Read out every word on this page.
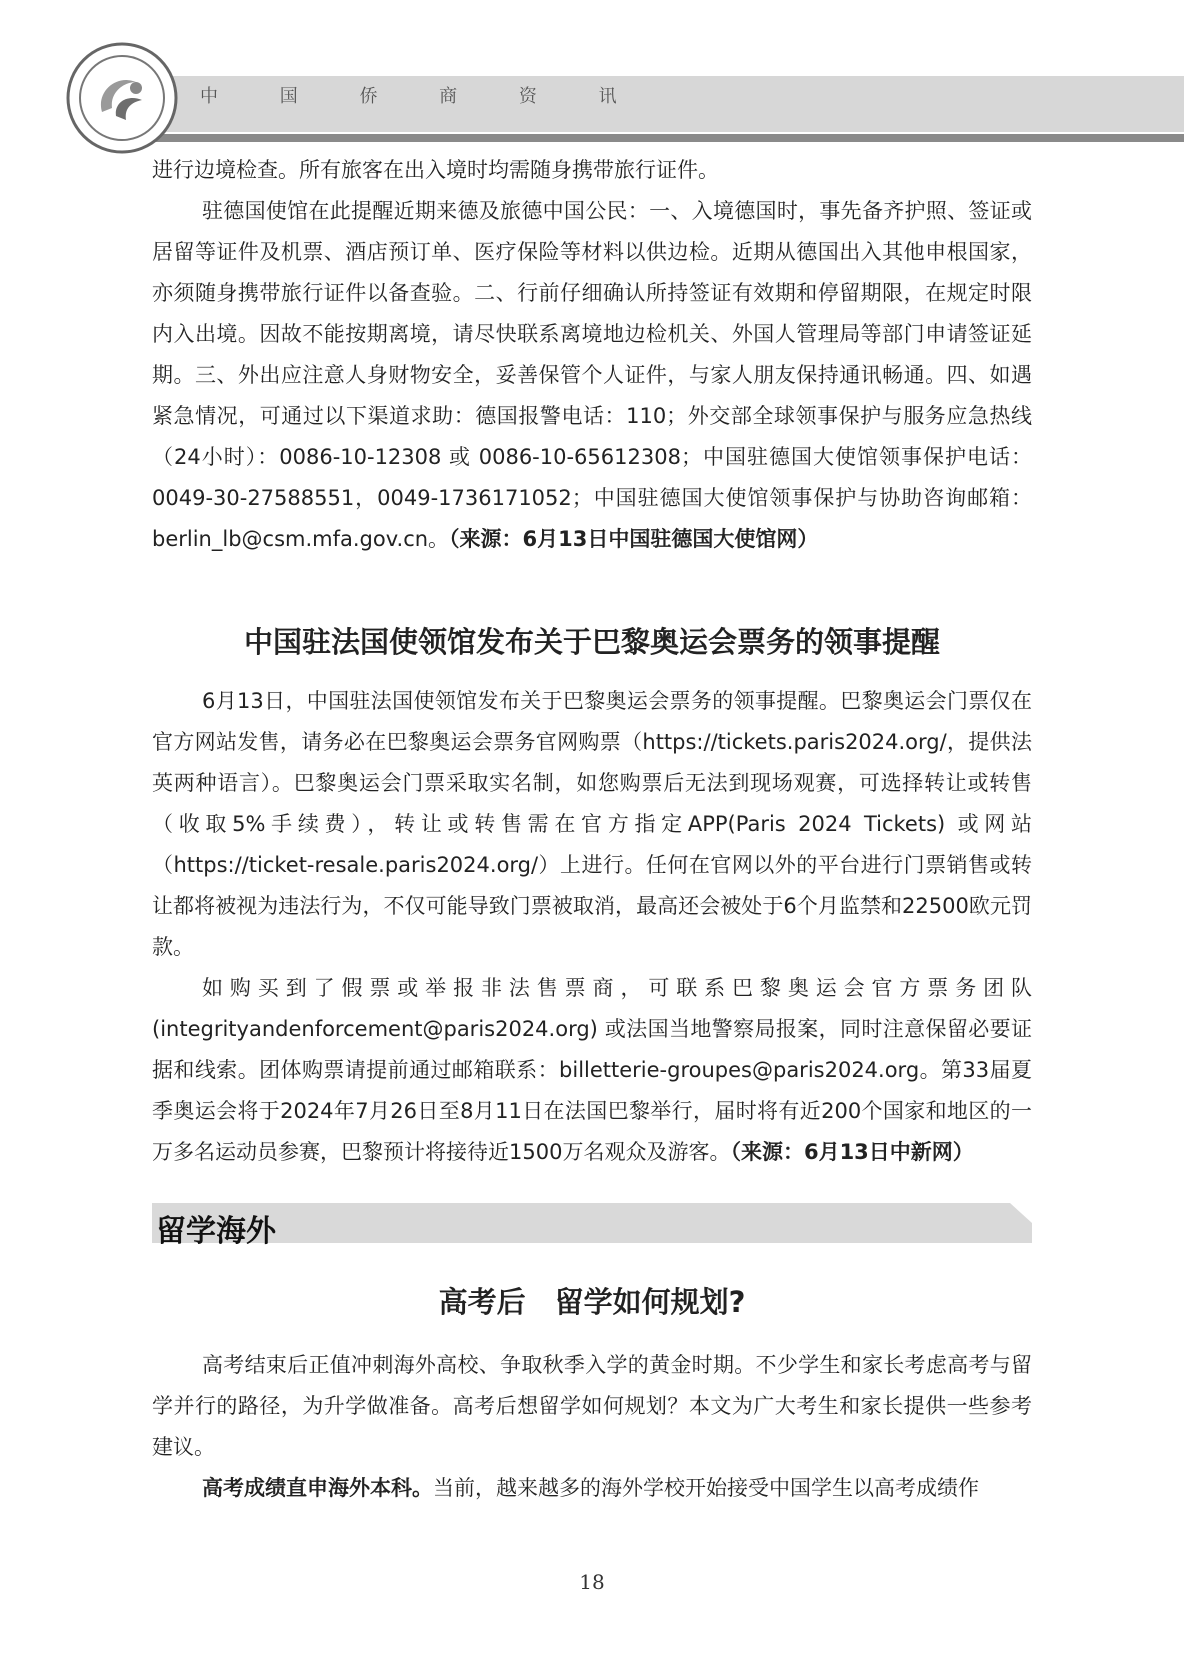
中 国 侨 商 资 讯

进行边境检查。所有旅客在出入境时均需随身携带旅行证件。

驻德国使馆在此提醒近期来德及旅德中国公民：一、入境德国时，事先备齐护照、签证或居留等证件及机票、酒店预订单、医疗保险等材料以供边检。近期从德国出入其他申根国家，亦须随身携带旅行证件以备查验。二、行前仔细确认所持签证有效期和停留期限，在规定时限内入出境。因故不能按期离境，请尽快联系离境地边检机关、外国人管理局等部门申请签证延期。三、外出应注意人身财物安全，妥善保管个人证件，与家人朋友保持通讯畅通。四、如遇紧急情况，可通过以下渠道求助：德国报警电话：110；外交部全球领事保护与服务应急热线（24小时）：0086-10-12308 或 0086-10-65612308；中国驻德国大使馆领事保护电话：0049-30-27588551，0049-1736171052；中国驻德国大使馆领事保护与协助咨询邮箱：berlin_lb@csm.mfa.gov.cn。（来源：6月13日中国驻德国大使馆网）

中国驻法国使领馆发布关于巴黎奥运会票务的领事提醒

6月13日，中国驻法国使领馆发布关于巴黎奥运会票务的领事提醒。巴黎奥运会门票仅在官方网站发售，请务必在巴黎奥运会票务官网购票（https://tickets.paris2024.org/，提供法英两种语言）。巴黎奥运会门票采取实名制，如您购票后无法到现场观赛，可选择转让或转售（收取5%手续费），转让或转售需在官方指定APP(Paris 2024 Tickets) 或网站（https://ticket-resale.paris2024.org/）上进行。任何在官网以外的平台进行门票销售或转让都将被视为违法行为，不仅可能导致门票被取消，最高还会被处于6个月监禁和22500欧元罚款。

如购买到了假票或举报非法售票商，可联系巴黎奥运会官方票务团队(integrityandenforcement@paris2024.org) 或法国当地警察局报案，同时注意保留必要证据和线索。团体购票请提前通过邮箱联系：billetterie-groupes@paris2024.org。第33届夏季奥运会将于2024年7月26日至8月11日在法国巴黎举行，届时将有近200个国家和地区的一万多名运动员参赛，巴黎预计将接待近1500万名观众及游客。（来源：6月13日中新网）

留学海外
高考后　留学如何规划?

高考结束后正值冲刺海外高校、争取秋季入学的黄金时期。不少学生和家长考虑高考与留学并行的路径，为升学做准备。高考后想留学如何规划？本文为广大考生和家长提供一些参考建议。

高考成绩直申海外本科。当前，越来越多的海外学校开始接受中国学生以高考成绩作

18
